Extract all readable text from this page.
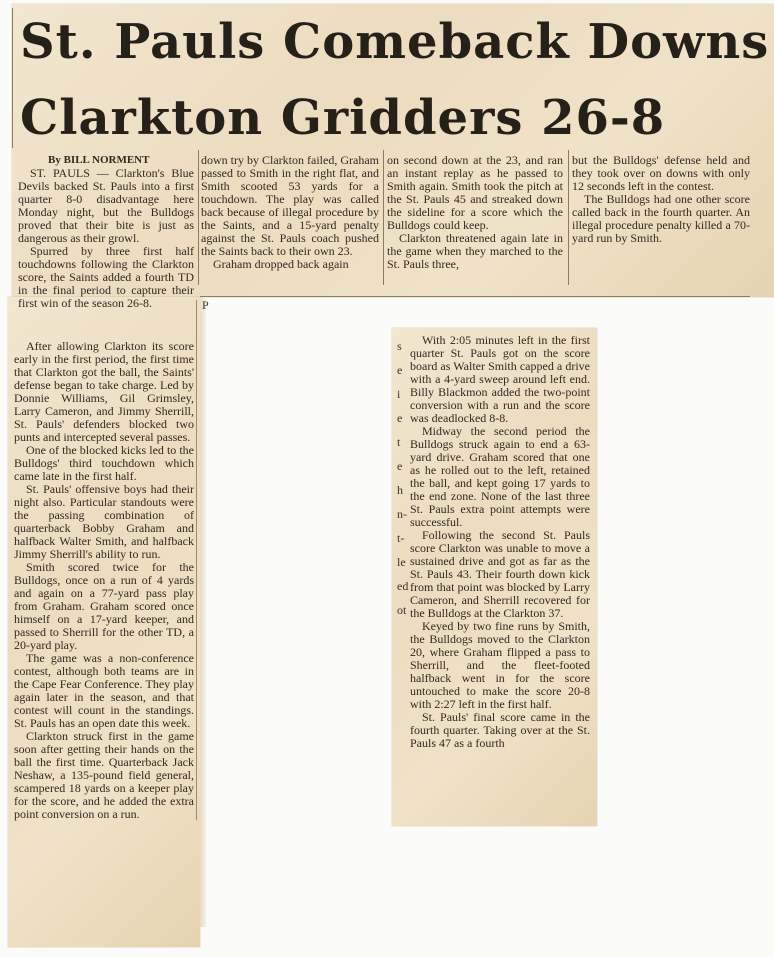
St. Pauls Comeback Downs
Clarkton Gridders 26-8

By BILL NORMENT

ST. PAULS — Clarkton's Blue Devils backed St. Pauls into a first quarter 8-0 disadvantage here Monday night, but the Bulldogs proved that their bite is just as dangerous as their growl.

Spurred by three first half touchdowns following the Clarkton score, the Saints added a fourth TD in the final period to capture their first win of the season 26-8.

down try by Clarkton failed, Graham passed to Smith in the right flat, and Smith scooted 53 yards for a touchdown. The play was called back because of illegal procedure by the Saints, and a 15-yard penalty against the St. Pauls coach pushed the Saints back to their own 23.

Graham dropped back again

on second down at the 23, and ran an instant replay as he passed to Smith again. Smith took the pitch at the St. Pauls 45 and streaked down the sideline for a score which the Bulldogs could keep.

Clarkton threatened again late in the game when they marched to the St. Pauls three,

but the Bulldogs' defense held and they took over on downs with only 12 seconds left in the contest.

The Bulldogs had one other score called back in the fourth quarter. An illegal procedure penalty killed a 70-yard run by Smith.

After allowing Clarkton its score early in the first period, the first time that Clarkton got the ball, the Saints' defense began to take charge. Led by Donnie Williams, Gil Grimsley, Larry Cameron, and Jimmy Sherrill, St. Pauls' defenders blocked two punts and intercepted several passes.

One of the blocked kicks led to the Bulldogs' third touchdown which came late in the first half.

St. Pauls' offensive boys had their night also. Particular standouts were the passing combination of quarterback Bobby Graham and halfback Walter Smith, and halfback Jimmy Sherrill's ability to run.

Smith scored twice for the Bulldogs, once on a run of 4 yards and again on a 77-yard pass play from Graham. Graham scored once himself on a 17-yard keeper, and passed to Sherrill for the other TD, a 20-yard play.

The game was a non-conference contest, although both teams are in the Cape Fear Conference. They play again later in the season, and that contest will count in the standings. St. Pauls has an open date this week.

Clarkton struck first in the game soon after getting their hands on the ball the first time. Quarterback Jack Neshaw, a 135-pound field general, scampered 18 yards on a keeper play for the score, and he added the extra point conversion on a run.

P
s
e
i
e
t
e
h
n-
t-
le
ed
ot

With 2:05 minutes left in the first quarter St. Pauls got on the score board as Walter Smith capped a drive with a 4-yard sweep around left end. Billy Blackmon added the two-point conversion with a run and the score was deadlocked 8-8.

Midway the second period the Bulldogs struck again to end a 63-yard drive. Graham scored that one as he rolled out to the left, retained the ball, and kept going 17 yards to the end zone. None of the last three St. Pauls extra point attempts were successful.

Following the second St. Pauls score Clarkton was unable to move a sustained drive and got as far as the St. Pauls 43. Their fourth down kick from that point was blocked by Larry Cameron, and Sherrill recovered for the Bulldogs at the Clarkton 37.

Keyed by two fine runs by Smith, the Bulldogs moved to the Clarkton 20, where Graham flipped a pass to Sherrill, and the fleet-footed halfback went in for the score untouched to make the score 20-8 with 2:27 left in the first half.

St. Pauls' final score came in the fourth quarter. Taking over at the St. Pauls 47 as a fourth
